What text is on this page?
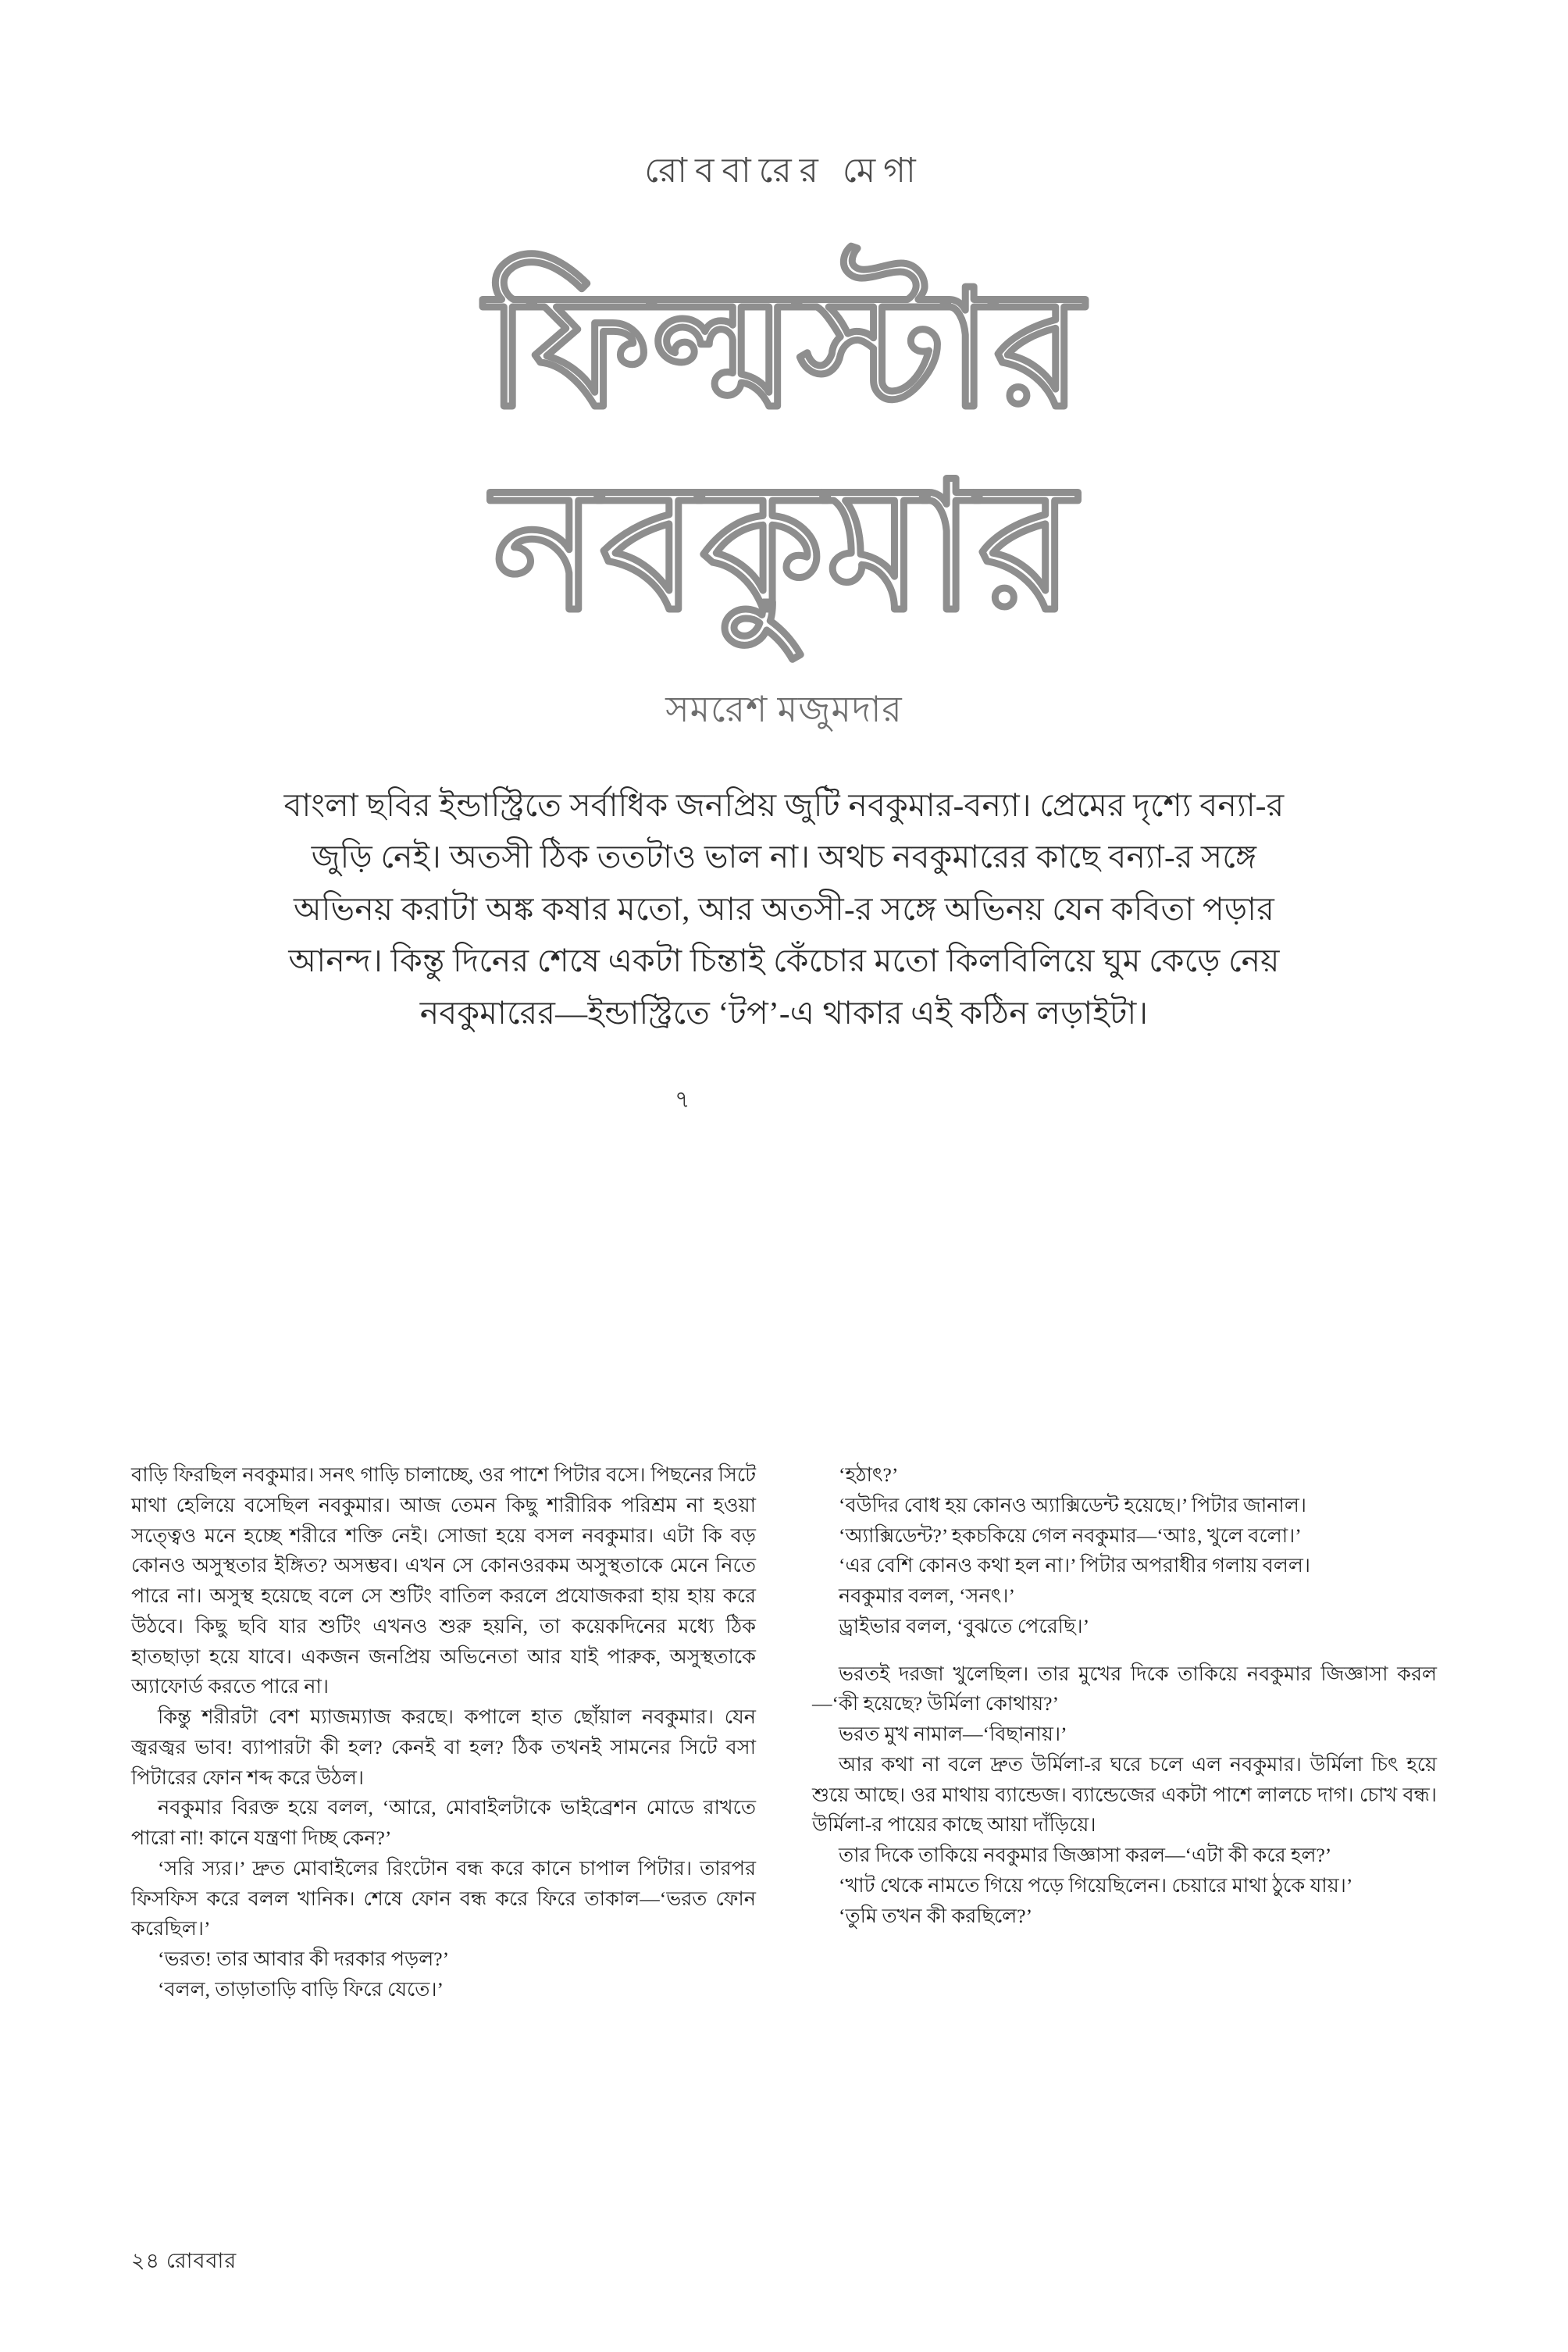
রোববারের মেগা
ফিল্মস্টার
নবকুমার
সমরেশ মজুমদার
বাংলা ছবির ইন্ডাস্ট্রিতে সর্বাধিক জনপ্রিয় জুটি নবকুমার-বন্যা। প্রেমের দৃশ্যে বন্যা-র জুড়ি নেই। অতসী ঠিক ততটাও ভাল না। অথচ নবকুমারের কাছে বন্যা-র সঙ্গে অভিনয় করাটা অঙ্ক কষার মতো, আর অতসী-র সঙ্গে অভিনয় যেন কবিতা পড়ার আনন্দ। কিন্তু দিনের শেষে একটা চিন্তাই কেঁচোর মতো কিলবিলিয়ে ঘুম কেড়ে নেয় নবকুমারের—ইন্ডাস্ট্রিতে ‘টপ’-এ থাকার এই কঠিন লড়াইটা।
৭

বাড়ি ফিরছিল নবকুমার। সনৎ গাড়ি চালাচ্ছে, ওর পাশে পিটার বসে। পিছনের সিটে মাথা হেলিয়ে বসেছিল নবকুমার। আজ তেমন কিছু শারীরিক পরিশ্রম না হওয়া সত্ত্বেও মনে হচ্ছে শরীরে শক্তি নেই। সোজা হয়ে বসল নবকুমার। এটা কি বড় কোনও অসুস্থতার ইঙ্গিত? অসম্ভব। এখন সে কোনওরকম অসুস্থতাকে মেনে নিতে পারে না। অসুস্থ হয়েছে বলে সে শুটিং বাতিল করলে প্রযোজকরা হায় হায় করে উঠবে। কিছু ছবি যার শুটিং এখনও শুরু হয়নি, তা কয়েকদিনের মধ্যে ঠিক হাতছাড়া হয়ে যাবে। একজন জনপ্রিয় অভিনেতা আর যাই পারুক, অসুস্থতাকে অ্যাফোর্ড করতে পারে না।

কিন্তু শরীরটা বেশ ম্যাজম্যাজ করছে। কপালে হাত ছোঁয়াল নবকুমার। যেন জ্বরজ্বর ভাব! ব্যাপারটা কী হল? কেনই বা হল? ঠিক তখনই সামনের সিটে বসা পিটারের ফোন শব্দ করে উঠল।

নবকুমার বিরক্ত হয়ে বলল, ‘আরে, মোবাইলটাকে ভাইব্রেশন মোডে রাখতে পারো না! কানে যন্ত্রণা দিচ্ছ কেন?’

‘সরি স্যর।’ দ্রুত মোবাইলের রিংটোন বন্ধ করে কানে চাপাল পিটার। তারপর ফিসফিস করে বলল খানিক। শেষে ফোন বন্ধ করে ফিরে তাকাল—‘ভরত ফোন করেছিল।’

‘ভরত! তার আবার কী দরকার পড়ল?’

‘বলল, তাড়াতাড়ি বাড়ি ফিরে যেতে।’

‘হঠাৎ?’

‘বউদির বোধ হয় কোনও অ্যাক্সিডেন্ট হয়েছে।’ পিটার জানাল।

‘অ্যাক্সিডেন্ট?’ হকচকিয়ে গেল নবকুমার—‘আঃ, খুলে বলো।’

‘এর বেশি কোনও কথা হল না।’ পিটার অপরাধীর গলায় বলল।

নবকুমার বলল, ‘সনৎ।’

ড্রাইভার বলল, ‘বুঝতে পেরেছি।’

ভরতই দরজা খুলেছিল। তার মুখের দিকে তাকিয়ে নবকুমার জিজ্ঞাসা করল—‘কী হয়েছে? উর্মিলা কোথায়?’

ভরত মুখ নামাল—‘বিছানায়।’

আর কথা না বলে দ্রুত উর্মিলা-র ঘরে চলে এল নবকুমার। উর্মিলা চিৎ হয়ে শুয়ে আছে। ওর মাথায় ব্যান্ডেজ। ব্যান্ডেজের একটা পাশে লালচে দাগ। চোখ বন্ধ। উর্মিলা-র পায়ের কাছে আয়া দাঁড়িয়ে।

তার দিকে তাকিয়ে নবকুমার জিজ্ঞাসা করল—‘এটা কী করে হল?’

‘খাট থেকে নামতে গিয়ে পড়ে গিয়েছিলেন। চেয়ারে মাথা ঠুকে যায়।’

‘তুমি তখন কী করছিলে?’

২৪ রোববার
